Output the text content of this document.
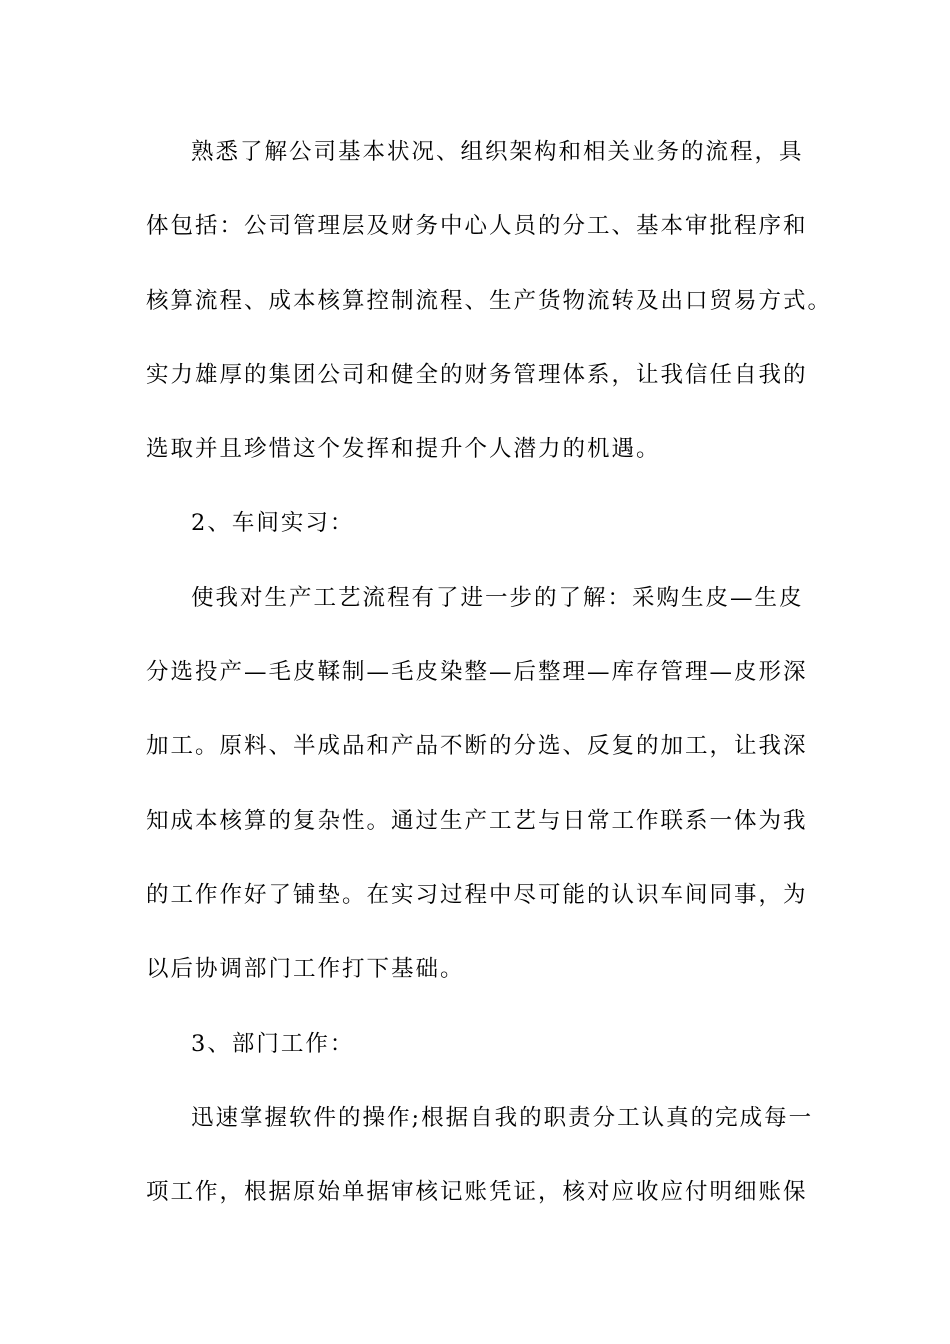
熟悉了解公司基本状况、组织架构和相关业务的流程，具
体包括：公司管理层及财务中心人员的分工、基本审批程序和
核算流程、成本核算控制流程、生产货物流转及出口贸易方式。
实力雄厚的集团公司和健全的财务管理体系，让我信任自我的
选取并且珍惜这个发挥和提升个人潜力的机遇。
2、车间实习：
使我对生产工艺流程有了进一步的了解：采购生皮—生皮
分选投产—毛皮鞣制—毛皮染整—后整理—库存管理—皮形深
加工。原料、半成品和产品不断的分选、反复的加工，让我深
知成本核算的复杂性。通过生产工艺与日常工作联系一体为我
的工作作好了铺垫。在实习过程中尽可能的认识车间同事，为
以后协调部门工作打下基础。
3、部门工作：
迅速掌握软件的操作;根据自我的职责分工认真的完成每一
项工作，根据原始单据审核记账凭证，核对应收应付明细账保
